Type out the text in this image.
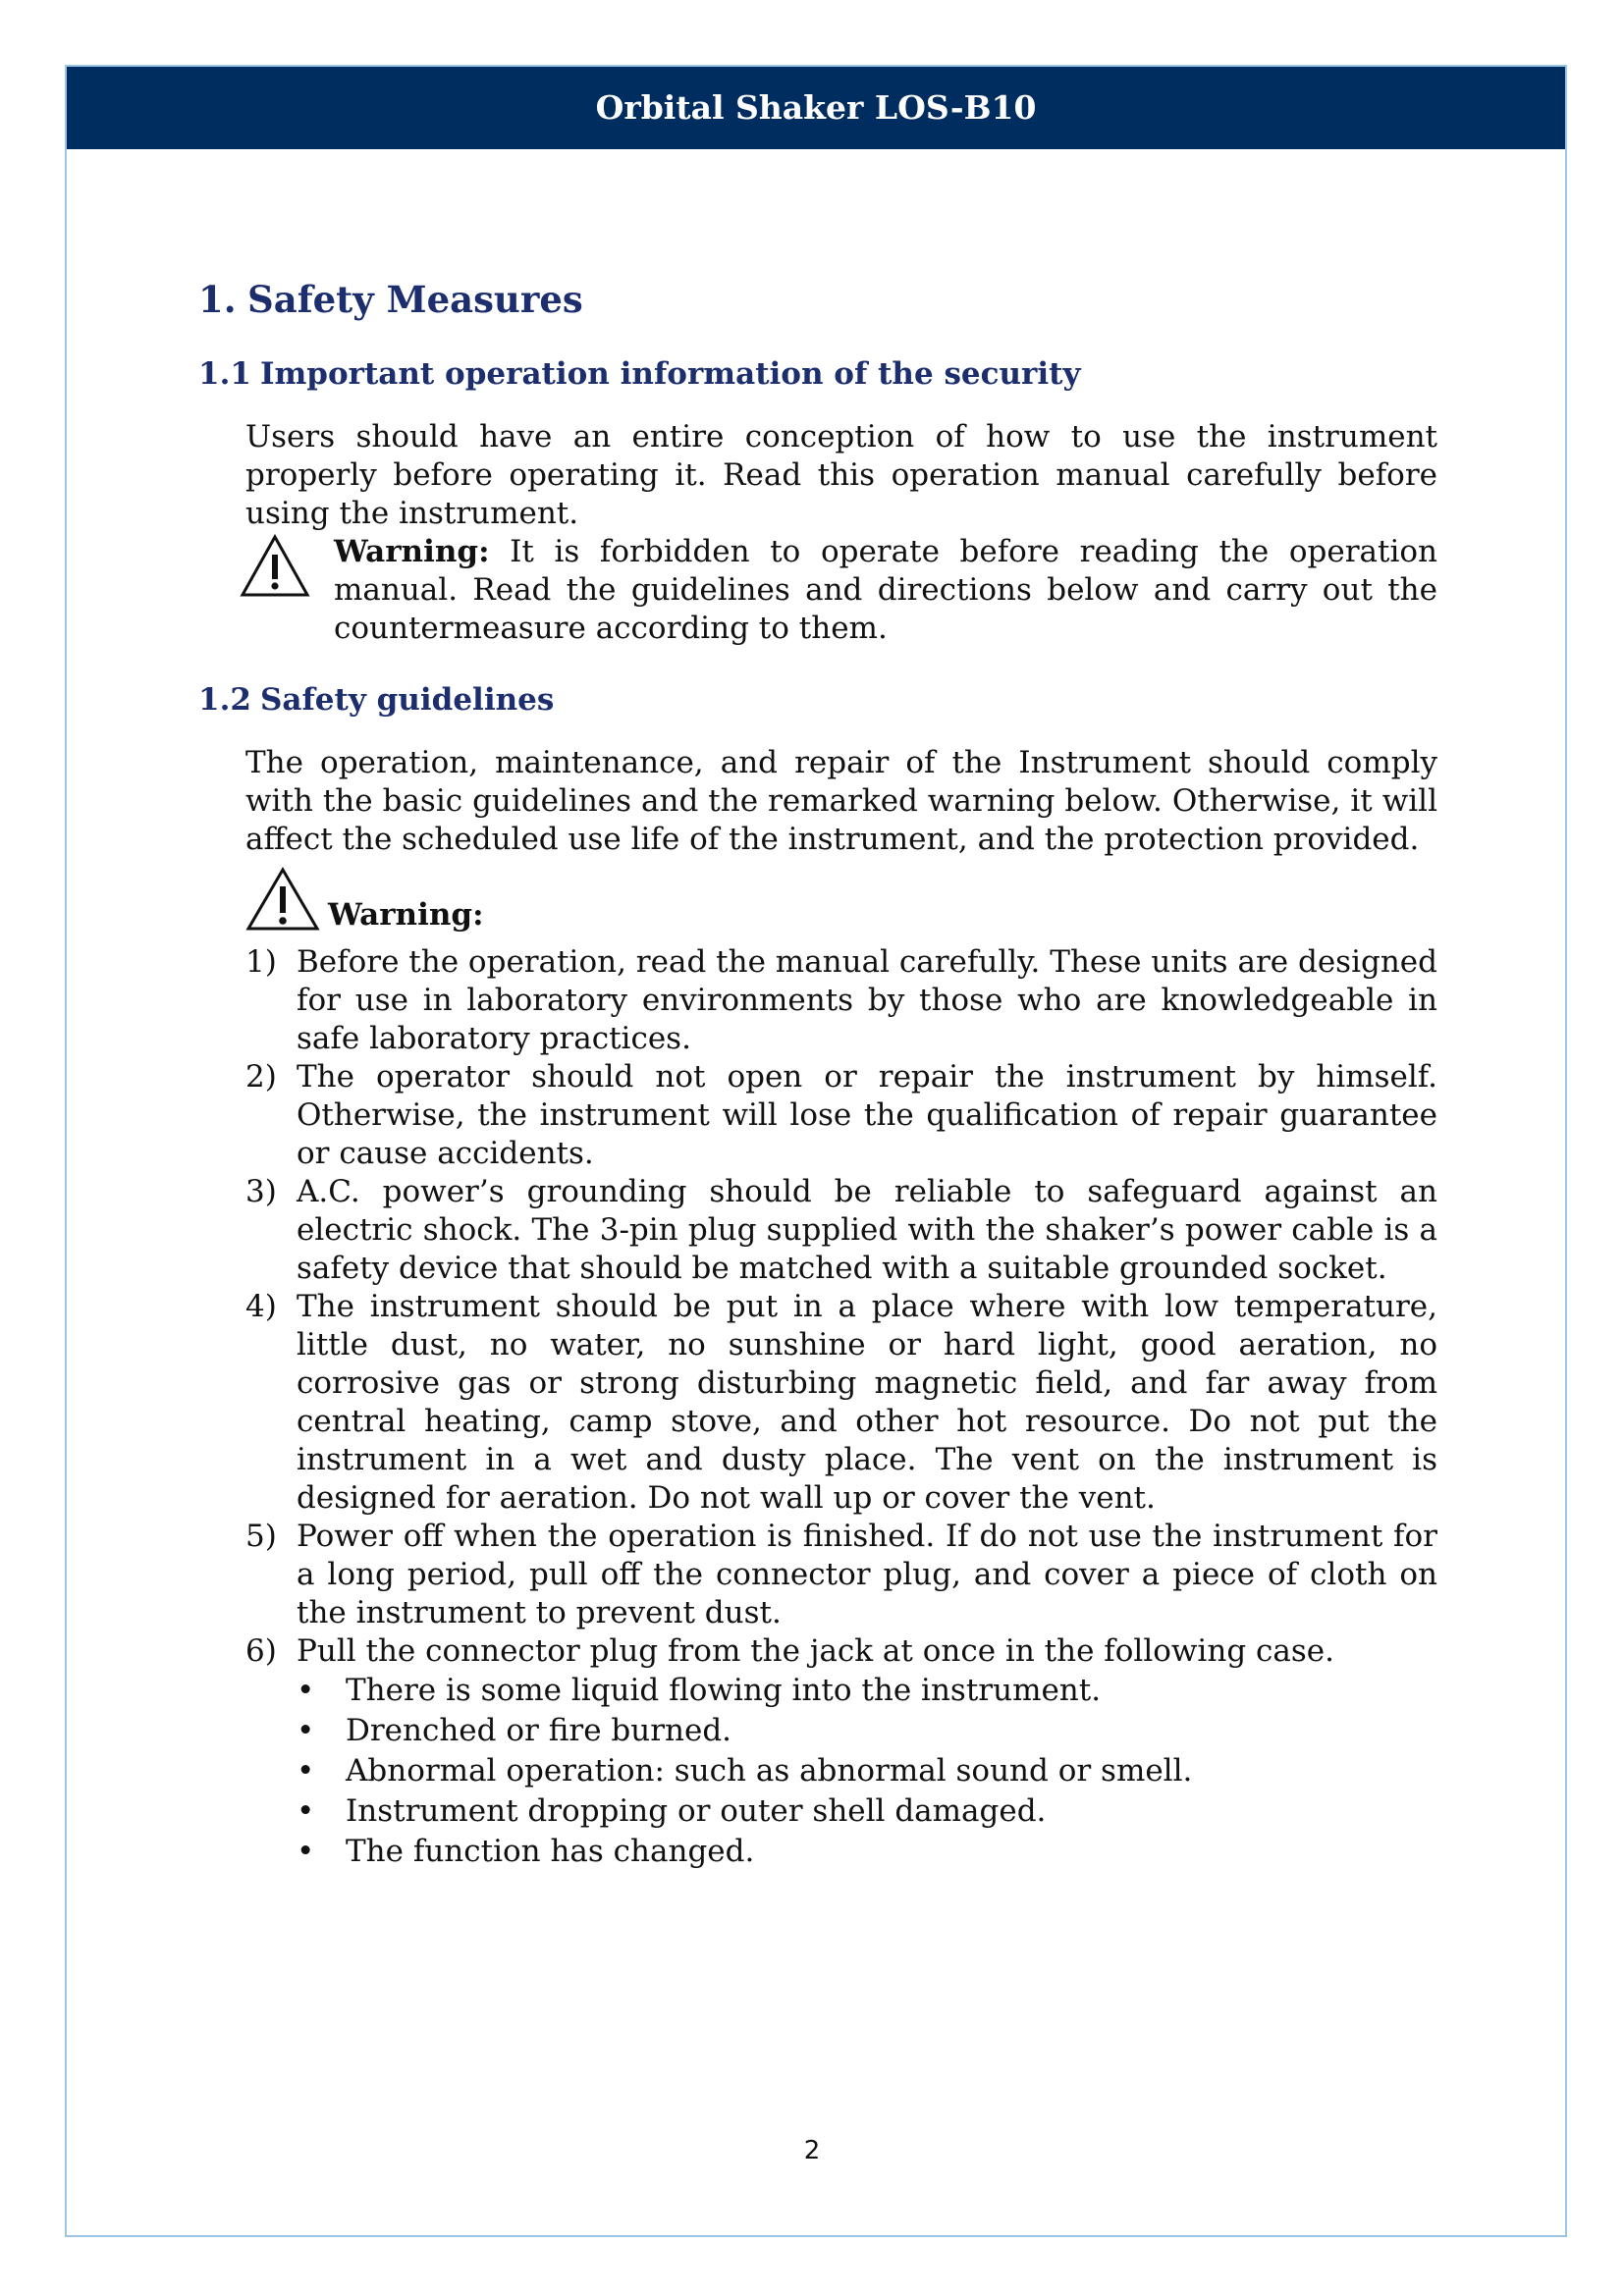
Orbital Shaker LOS-B10
1. Safety Measures
1.1 Important operation information of the security

Users should have an entire conception of how to use the instrument properly before operating it. Read this operation manual carefully before using the instrument.

Warning: It is forbidden to operate before reading the operation manual. Read the guidelines and directions below and carry out the countermeasure according to them.
1.2 Safety guidelines

The operation, maintenance, and repair of the Instrument should comply with the basic guidelines and the remarked warning below. Otherwise, it will affect the scheduled use life of the instrument, and the protection provided.

Warning:
1) Before the operation, read the manual carefully. These units are designed for use in laboratory environments by those who are knowledgeable in safe laboratory practices.
2) The operator should not open or repair the instrument by himself. Otherwise, the instrument will lose the qualification of repair guarantee or cause accidents.
3) A.C. power’s grounding should be reliable to safeguard against an electric shock. The 3-pin plug supplied with the shaker’s power cable is a safety device that should be matched with a suitable grounded socket.
4) The instrument should be put in a place where with low temperature, little dust, no water, no sunshine or hard light, good aeration, no corrosive gas or strong disturbing magnetic field, and far away from central heating, camp stove, and other hot resource. Do not put the instrument in a wet and dusty place. The vent on the instrument is designed for aeration. Do not wall up or cover the vent.
5) Power off when the operation is finished. If do not use the instrument for a long period, pull off the connector plug, and cover a piece of cloth on the instrument to prevent dust.
6) Pull the connector plug from the jack at once in the following case.
• There is some liquid flowing into the instrument.
• Drenched or fire burned.
• Abnormal operation: such as abnormal sound or smell.
• Instrument dropping or outer shell damaged.
• The function has changed.
2
